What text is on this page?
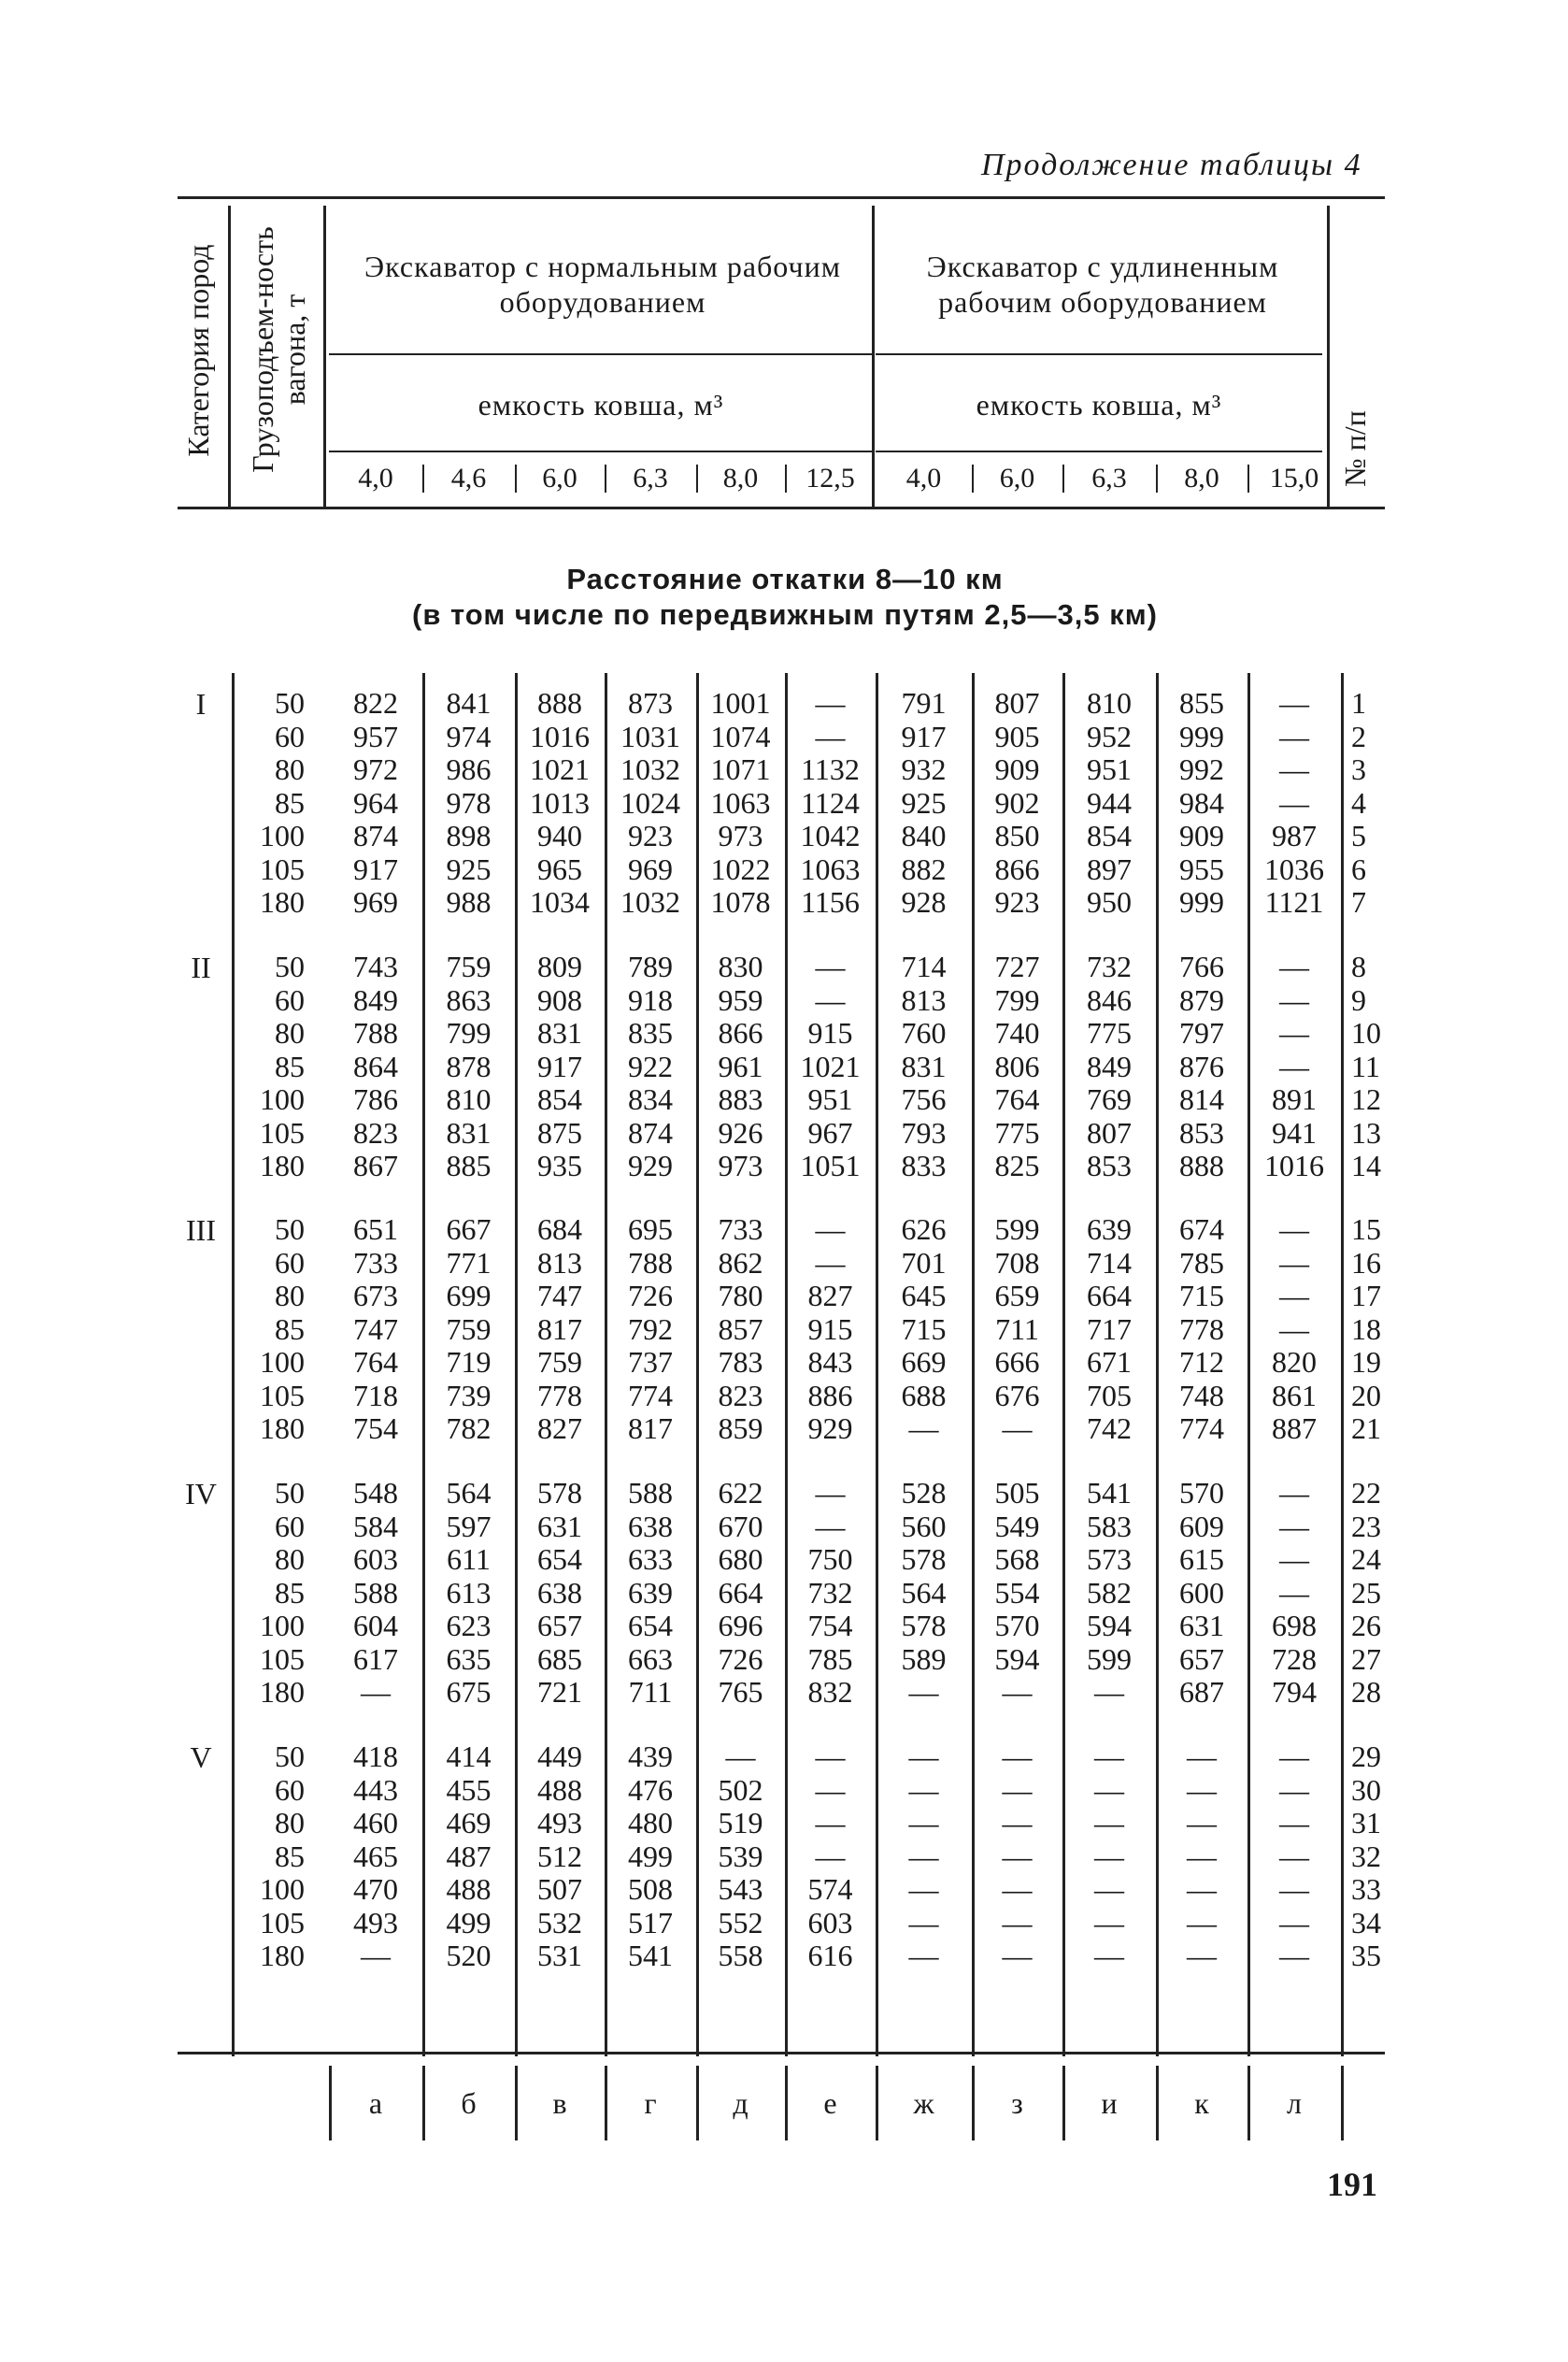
Продолжение таблицы 4
Категория пород Грузоподъем-ность вагона, т
№ п/п
Экскаватор с нормальным рабочим оборудованием
Экскаватор с удлиненным рабочим оборудованием
емкость ковша, м³	емкость ковша, м³
4,0	4,6	6,0	6,3	8,0	12,5	4,0	6,0	6,3	8,0	15,0
Расстояние откатки 8—10 км
(в том числе по передвижным путям 2,5—3,5 км)
I	50	822	841	888	873	1001	—	791	807	810	855	—	1
60	957	974	1016	1031	1074	—	917	905	952	999	—	2
80	972	986	1021	1032	1071	1132	932	909	951	992	—	3
85	964	978	1013	1024	1063	1124	925	902	944	984	—	4
100	874	898	940	923	973	1042	840	850	854	909	987	5
105	917	925	965	969	1022	1063	882	866	897	955	1036 6
180	969	988	1034	1032	1078	1156	928	923	950	999	1121 7
II	50	743	759	809	789	830	—	714	727	732	766	—	8
60	849	863	908	918	959	—	813	799	846	879	—	9
80	788	799	831	835	866	915	760	740	775	797	—	10
85	864	878	917	922	961	1021	831	806	849	876	—	11
100	786	810	854	834	883	951	756	764	769	814	891	12
105	823	831	875	874	926	967	793	775	807	853	941	13
180	867	885	935	929	973	1051	833	825	853	888	1016 14
III	50	651	667	684	695	733	—	626	599	639	674	—	15
60	733	771	813	788	862	—	701	708	714	785	—	16
80	673	699	747	726	780	827	645	659	664	715	—	17
85	747	759	817	792	857	915	715	711	717	778	—	18
100	764	719	759	737	783	843	669	666	671	712	820	19
105	718	739	778	774	823	886	688	676	705	748	861	20
180	754	782	827	817	859	929	—	—	742	774	887	21
IV	50	548	564	578	588	622	—	528	505	541	570	—	22
60	584	597	631	638	670	—	560	549	583	609	—	23
80	603	611	654	633	680	750	578	568	573	615	—	24
85	588	613	638	639	664	732	564	554	582	600	—	25
100	604	623	657	654	696	754	578	570	594	631	698	26
105	617	635	685	663	726	785	589	594	599	657	728	27
180	—	675	721	711	765	832	—	—	—	687	794	28
V	50	418	414	449	439	—	—	—	—	—	—	—	29
60	443	455	488	476	502	—	—	—	—	—	—	30
80	460	469	493	480	519	—	—	—	—	—	—	31
85	465	487	512	499	539	—	—	—	—	—	—	32
100	470	488	507	508	543	574	—	—	—	—	—	33
105	493	499	532	517	552	603	—	—	—	—	—	34
180	—	520	531	541	558	616	—	—	—	—	—	35
а	б	в	г	д	е	ж	з	и	к	л
191
